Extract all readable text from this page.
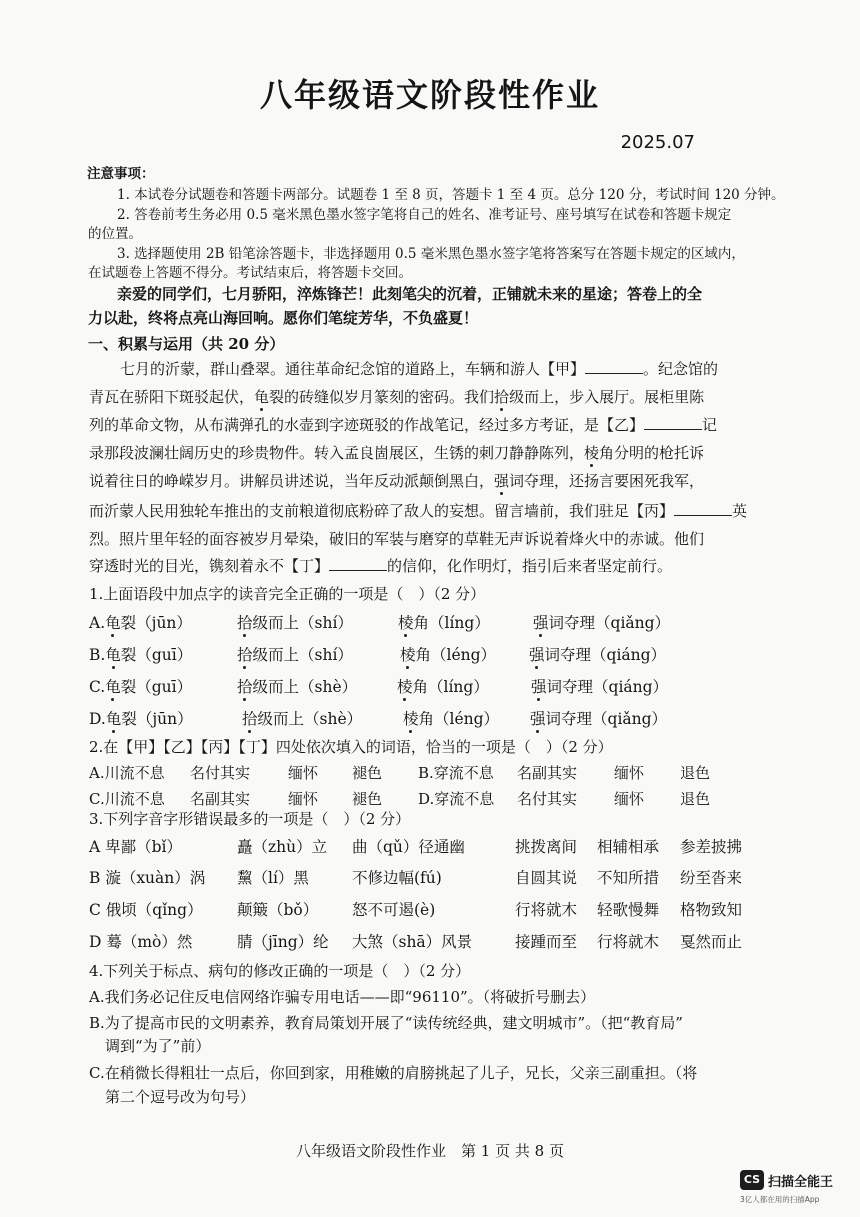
八年级语文阶段性作业
2025.07
注意事项：
1. 本试卷分试题卷和答题卡两部分。试题卷 1 至 8 页，答题卡 1 至 4 页。总分 120 分，考试时间 120 分钟。
2. 答卷前考生务必用 0.5 毫米黑色墨水签字笔将自己的姓名、准考证号、座号填写在试卷和答题卡规定
的位置。
3. 选择题使用 2B 铅笔涂答题卡，非选择题用 0.5 毫米黑色墨水签字笔将答案写在答题卡规定的区域内，
在试题卷上答题不得分。考试结束后，将答题卡交回。
亲爱的同学们，七月骄阳，淬炼锋芒！此刻笔尖的沉着，正铺就未来的星途；答卷上的全
力以赴，终将点亮山海回响。愿你们笔绽芳华，不负盛夏！
一、积累与运用（共 20 分）
七月的沂蒙，群山叠翠。通往革命纪念馆的道路上，车辆和游人【甲】	。纪念馆的
青瓦在骄阳下斑驳起伏，龟裂的砖缝似岁月篆刻的密码。我们拾级而上，步入展厅。展柜里陈
列的革命文物，从布满弹孔的水壶到字迹斑驳的作战笔记，经过多方考证，是【乙】	记
录那段波澜壮阔历史的珍贵物件。转入孟良崮展区，生锈的刺刀静静陈列，棱角分明的枪托诉
说着往日的峥嵘岁月。讲解员讲述说，当年反动派颠倒黑白，强词夺理，还扬言要困死我军，
而沂蒙人民用独轮车推出的支前粮道彻底粉碎了敌人的妄想。留言墙前，我们驻足【丙】	英
烈。照片里年轻的面容被岁月晕染，破旧的军装与磨穿的草鞋无声诉说着烽火中的赤诚。他们
穿透时光的目光，镌刻着永不【丁】	的信仰，化作明灯，指引后来者坚定前行。
1.上面语段中加点字的读音完全正确的一项是（　）（2 分）
A.龟裂（jūn）	拾级而上（shí）	棱角（líng）	强词夺理（qiǎng）
B.龟裂（guī）	拾级而上（shí）	棱角（léng） 强词夺理（qiáng）
C.龟裂（guī）	拾级而上（shè）	棱角（líng）	强词夺理（qiáng）
D.龟裂（jūn）	拾级而上（shè）	棱角（léng） 强词夺理（qiǎng）
2.在【甲】【乙】【丙】【丁】四处依次填入的词语，恰当的一项是（　）（2 分）
A.川流不息 名付其实	缅怀 褪色 B.穿流不息 名副其实 缅怀 退色
C.川流不息 名副其实	缅怀 褪色 D.穿流不息 名付其实 缅怀 退色
3.下列字音字形错误最多的一项是（　）（2 分）
A 卑鄙（bǐ）	矗（zhù）立 曲（qǔ）径通幽	挑拨离间 相辅相承 参差披拂
B 漩（xuàn）涡 黧（lí）黑	不修边幅(fú)	自圆其说 不知所措 纷至沓来
C 俄顷（qǐng） 颠簸（bǒ） 怒不可遏(è)	行将就木 轻歌慢舞 格物致知
D 蓦（mò）然	腈（jīng）纶 大煞（shā）风景	接踵而至 行将就木 戛然而止
4.下列关于标点、病句的修改正确的一项是（　）（2 分）
A.我们务必记住反电信网络诈骗专用电话——即“96110”。（将破折号删去）
B.为了提高市民的文明素养，教育局策划开展了“读传统经典，建文明城市”。（把“教育局”
调到“为了”前）
C.在稍微长得粗壮一点后，你回到家，用稚嫩的肩膀挑起了儿子，兄长，父亲三副重担。（将
第二个逗号改为句号）
八年级语文阶段性作业　第 1 页 共 8 页
CS 扫描全能王
3亿人都在用的扫描App
